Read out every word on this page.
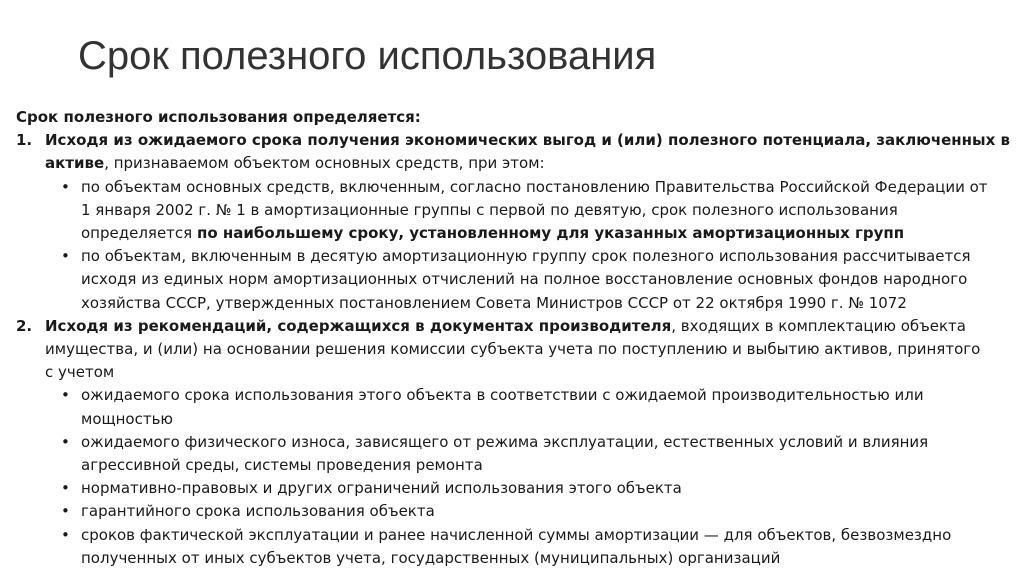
Срок полезного использования
Срок полезного использования определяется:
1. Исходя из ожидаемого срока получения экономических выгод и (или) полезного потенциала, заключенных в
активе, признаваемом объектом основных средств, при этом:
• по объектам основных средств, включенным, согласно постановлению Правительства Российской Федерации от
1 января 2002 г. № 1 в амортизационные группы с первой по девятую, срок полезного использования
определяется по наибольшему сроку, установленному для указанных амортизационных групп
• по объектам, включенным в десятую амортизационную группу срок полезного использования рассчитывается
исходя из единых норм амортизационных отчислений на полное восстановление основных фондов народного
хозяйства СССР, утвержденных постановлением Совета Министров СССР от 22 октября 1990 г. № 1072
2. Исходя из рекомендаций, содержащихся в документах производителя, входящих в комплектацию объекта
имущества, и (или) на основании решения комиссии субъекта учета по поступлению и выбытию активов, принятого
с учетом
• ожидаемого срока использования этого объекта в соответствии с ожидаемой производительностью или
мощностью
• ожидаемого физического износа, зависящего от режима эксплуатации, естественных условий и влияния
агрессивной среды, системы проведения ремонта
• нормативно-правовых и других ограничений использования этого объекта
• гарантийного срока использования объекта
• сроков фактической эксплуатации и ранее начисленной суммы амортизации — для объектов, безвозмездно
полученных от иных субъектов учета, государственных (муниципальных) организаций
